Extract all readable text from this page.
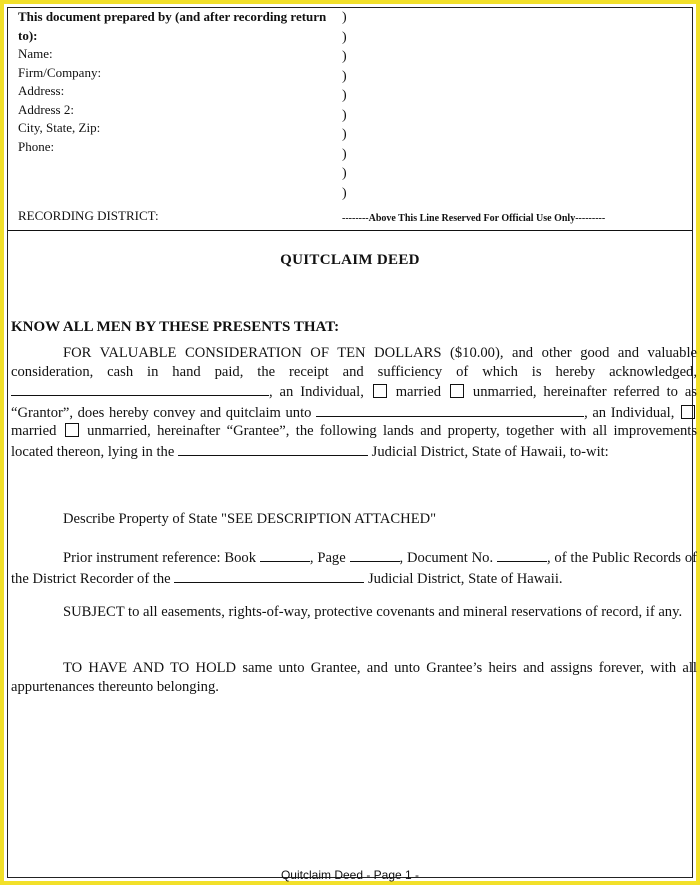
This document prepared by (and after recording return to):
Name:
Firm/Company:
Address:
Address 2:
City, State, Zip:
Phone:
RECORDING DISTRICT:
)
)
)
)
)
)
)
)
)
)
--------Above This Line Reserved For Official Use Only---------
QUITCLAIM DEED
KNOW ALL MEN BY THESE PRESENTS THAT:
FOR VALUABLE CONSIDERATION OF TEN DOLLARS ($10.00), and other good and valuable consideration, cash in hand paid, the receipt and sufficiency of which is hereby acknowledged, , an Individual, married unmarried, hereinafter referred to as “Grantor”, does hereby convey and quitclaim unto	, an Individual,  married unmarried, hereinafter “Grantee”, the following lands and property, together with all improvements located thereon, lying in the	Judicial District, State of Hawaii, to-wit:
Describe Property of State "SEE DESCRIPTION ATTACHED"
Prior instrument reference: Book	, Page	, Document No.	, of the Public Records of the District Recorder of the	Judicial District, State of Hawaii.
SUBJECT to all easements, rights-of-way, protective covenants and mineral reservations of record, if any.
TO HAVE AND TO HOLD same unto Grantee, and unto Grantee’s heirs and assigns forever, with all appurtenances thereunto belonging.
Quitclaim Deed - Page 1 -
